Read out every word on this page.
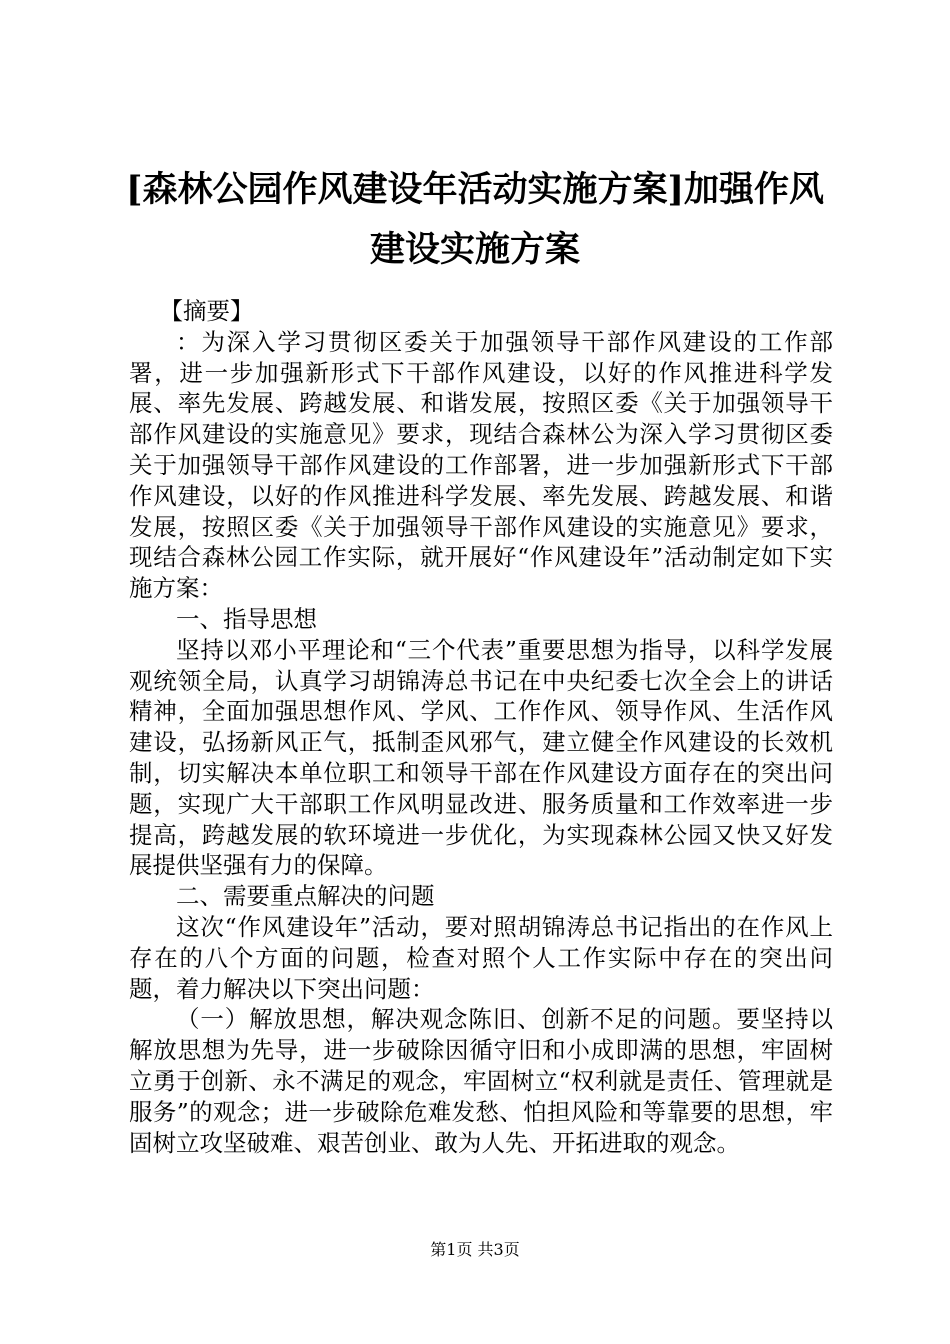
[森林公园作风建设年活动实施方案]加强作风建设实施方案

【摘要】

：为深入学习贯彻区委关于加强领导干部作风建设的工作部署，进一步加强新形式下干部作风建设，以好的作风推进科学发展、率先发展、跨越发展、和谐发展，按照区委《关于加强领导干部作风建设的实施意见》要求，现结合森林公为深入学习贯彻区委关于加强领导干部作风建设的工作部署，进一步加强新形式下干部作风建设，以好的作风推进科学发展、率先发展、跨越发展、和谐发展，按照区委《关于加强领导干部作风建设的实施意见》要求，现结合森林公园工作实际，就开展好“作风建设年”活动制定如下实施方案：

一、指导思想

坚持以邓小平理论和“三个代表”重要思想为指导，以科学发展观统领全局，认真学习胡锦涛总书记在中央纪委七次全会上的讲话精神，全面加强思想作风、学风、工作作风、领导作风、生活作风建设，弘扬新风正气，抵制歪风邪气，建立健全作风建设的长效机制，切实解决本单位职工和领导干部在作风建设方面存在的突出问题，实现广大干部职工作风明显改进、服务质量和工作效率进一步提高，跨越发展的软环境进一步优化，为实现森林公园又快又好发展提供坚强有力的保障。

二、需要重点解决的问题

这次“作风建设年”活动，要对照胡锦涛总书记指出的在作风上存在的八个方面的问题，检查对照个人工作实际中存在的突出问题，着力解决以下突出问题：

（一）解放思想，解决观念陈旧、创新不足的问题。要坚持以解放思想为先导，进一步破除因循守旧和小成即满的思想，牢固树立勇于创新、永不满足的观念，牢固树立“权利就是责任、管理就是服务”的观念；进一步破除危难发愁、怕担风险和等靠要的思想，牢固树立攻坚破难、艰苦创业、敢为人先、开拓进取的观念。

第1页 共3页
